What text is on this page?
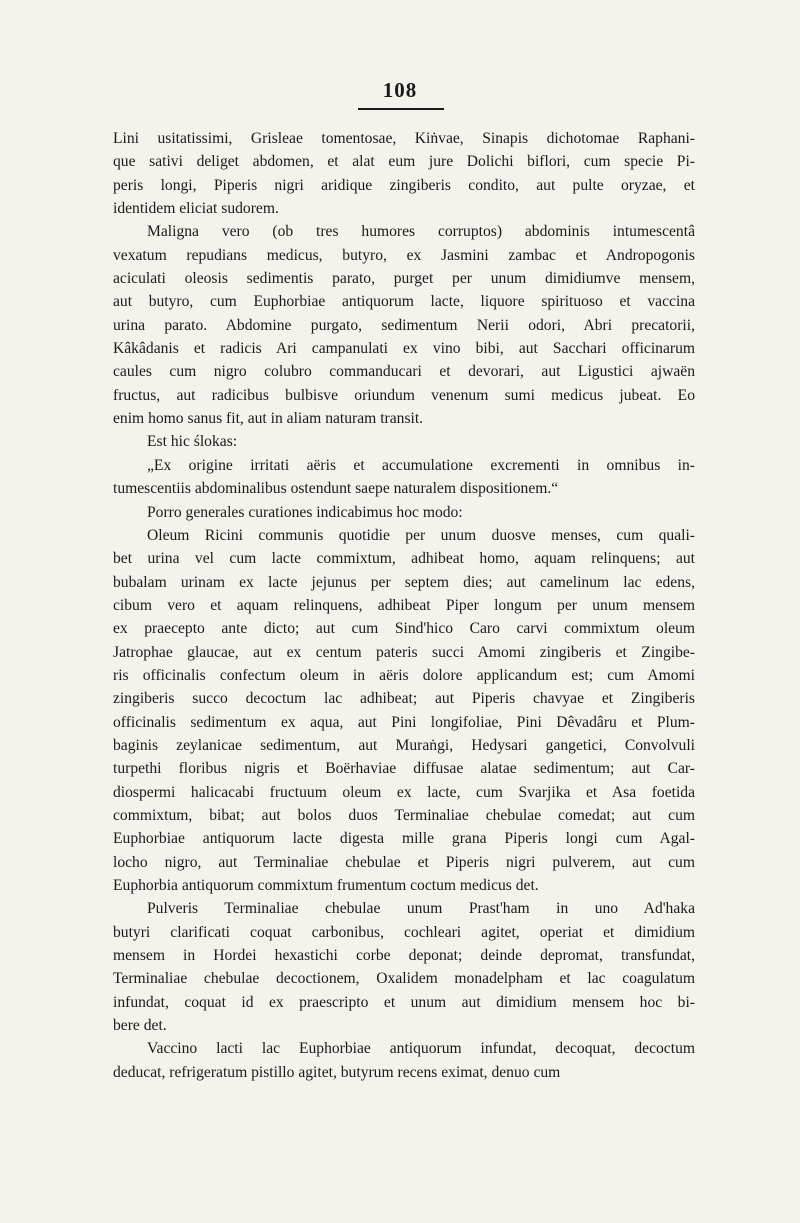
108

Lini usitatissimi, Grisleae tomentosae, Kiṅvae, Sinapis dichotomae Raphani-

que sativi deliget abdomen, et alat eum jure Dolichi biflori, cum specie Pi-

peris longi, Piperis nigri aridique zingiberis condito, aut pulte oryzae, et

identidem eliciat sudorem.

Maligna vero (ob tres humores corruptos) abdominis intumescentâ

vexatum repudians medicus, butyro, ex Jasmini zambac et Andropogonis

aciculati oleosis sedimentis parato, purget per unum dimidiumve mensem,

aut butyro, cum Euphorbiae antiquorum lacte, liquore spirituoso et vaccina

urina parato. Abdomine purgato, sedimentum Nerii odori, Abri precatorii,

Kâkâdanis et radicis Ari campanulati ex vino bibi, aut Sacchari officinarum

caules cum nigro colubro commanducari et devorari, aut Ligustici ajwaën

fructus, aut radicibus bulbisve oriundum venenum sumi medicus jubeat. Eo

enim homo sanus fit, aut in aliam naturam transit.

Est hic ślokas:

„Ex origine irritati aëris et accumulatione excrementi in omnibus in-

tumescentiis abdominalibus ostendunt saepe naturalem dispositionem.“

Porro generales curationes indicabimus hoc modo:

Oleum Ricini communis quotidie per unum duosve menses, cum quali-

bet urina vel cum lacte commixtum, adhibeat homo, aquam relinquens; aut

bubalam urinam ex lacte jejunus per septem dies; aut camelinum lac edens,

cibum vero et aquam relinquens, adhibeat Piper longum per unum mensem

ex praecepto ante dicto; aut cum Sind'hico Caro carvi commixtum oleum

Jatrophae glaucae, aut ex centum pateris succi Amomi zingiberis et Zingibe-

ris officinalis confectum oleum in aëris dolore applicandum est; cum Amomi

zingiberis succo decoctum lac adhibeat; aut Piperis chavyae et Zingiberis

officinalis sedimentum ex aqua, aut Pini longifoliae, Pini Dêvadâru et Plum-

baginis zeylanicae sedimentum, aut Muraṅgi, Hedysari gangetici, Convolvuli

turpethi floribus nigris et Boërhaviae diffusae alatae sedimentum; aut Car-

diospermi halicacabi fructuum oleum ex lacte, cum Svarjika et Asa foetida

commixtum, bibat; aut bolos duos Terminaliae chebulae comedat; aut cum

Euphorbiae antiquorum lacte digesta mille grana Piperis longi cum Agal-

locho nigro, aut Terminaliae chebulae et Piperis nigri pulverem, aut cum

Euphorbia antiquorum commixtum frumentum coctum medicus det.

Pulveris Terminaliae chebulae unum Prast'ham in uno Ad'haka

butyri clarificati coquat carbonibus, cochleari agitet, operiat et dimidium

mensem in Hordei hexastichi corbe deponat; deinde depromat, transfundat,

Terminaliae chebulae decoctionem, Oxalidem monadelpham et lac coagulatum

infundat, coquat id ex praescripto et unum aut dimidium mensem hoc bi-

bere det.

Vaccino lacti lac Euphorbiae antiquorum infundat, decoquat, decoctum

deducat, refrigeratum pistillo agitet, butyrum recens eximat, denuo cum
